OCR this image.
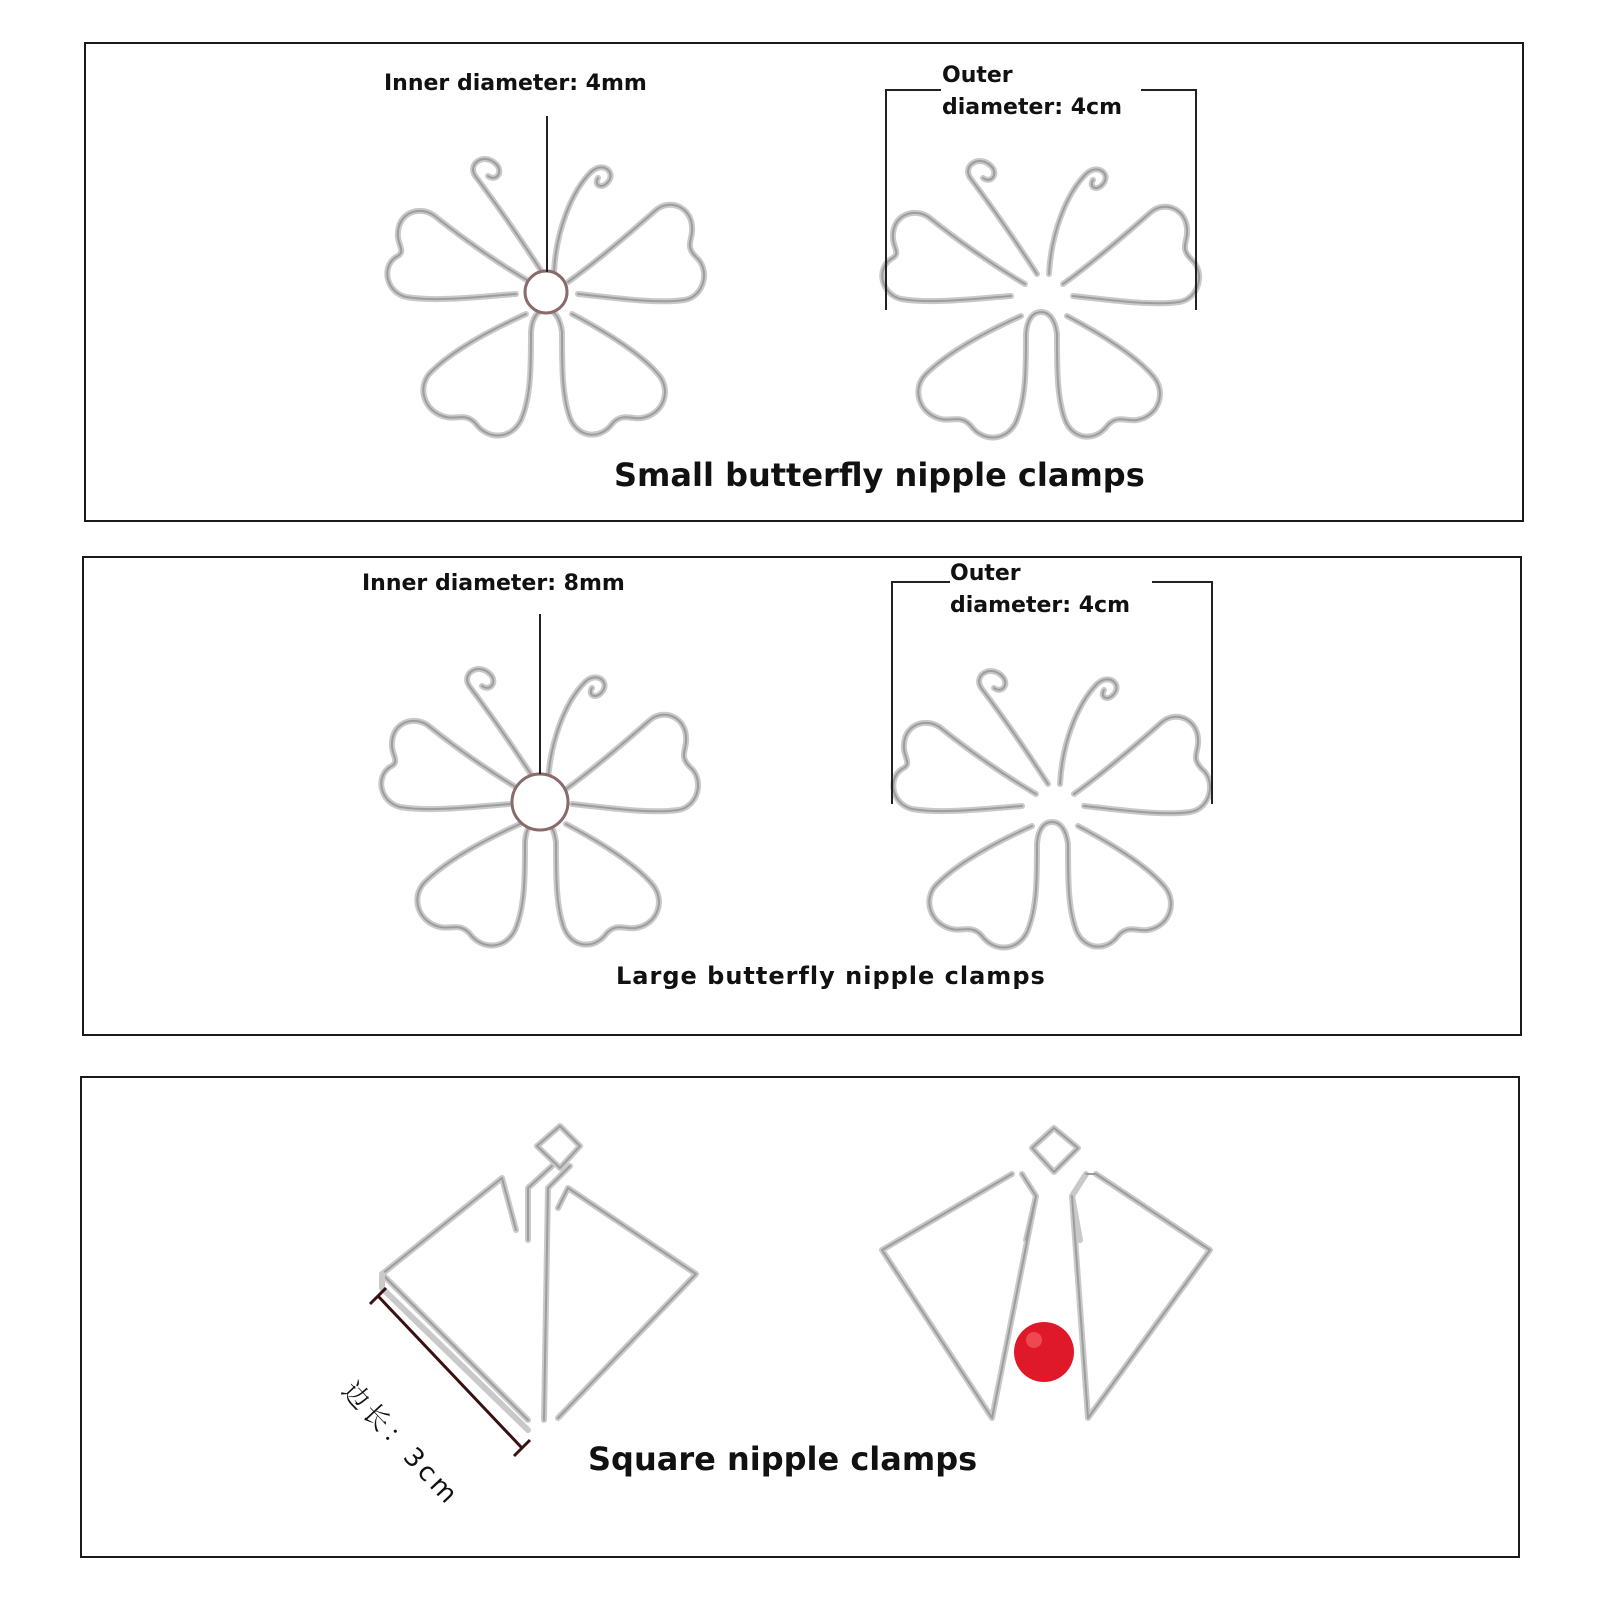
Inner diameter: 4mm	Outer
diameter: 4cm
Small butterfly nipple clamps
Inner diameter: 8mm	Outer
diameter: 4cm
Large butterfly nipple clamps
边长：3cm	Square nipple clamps
